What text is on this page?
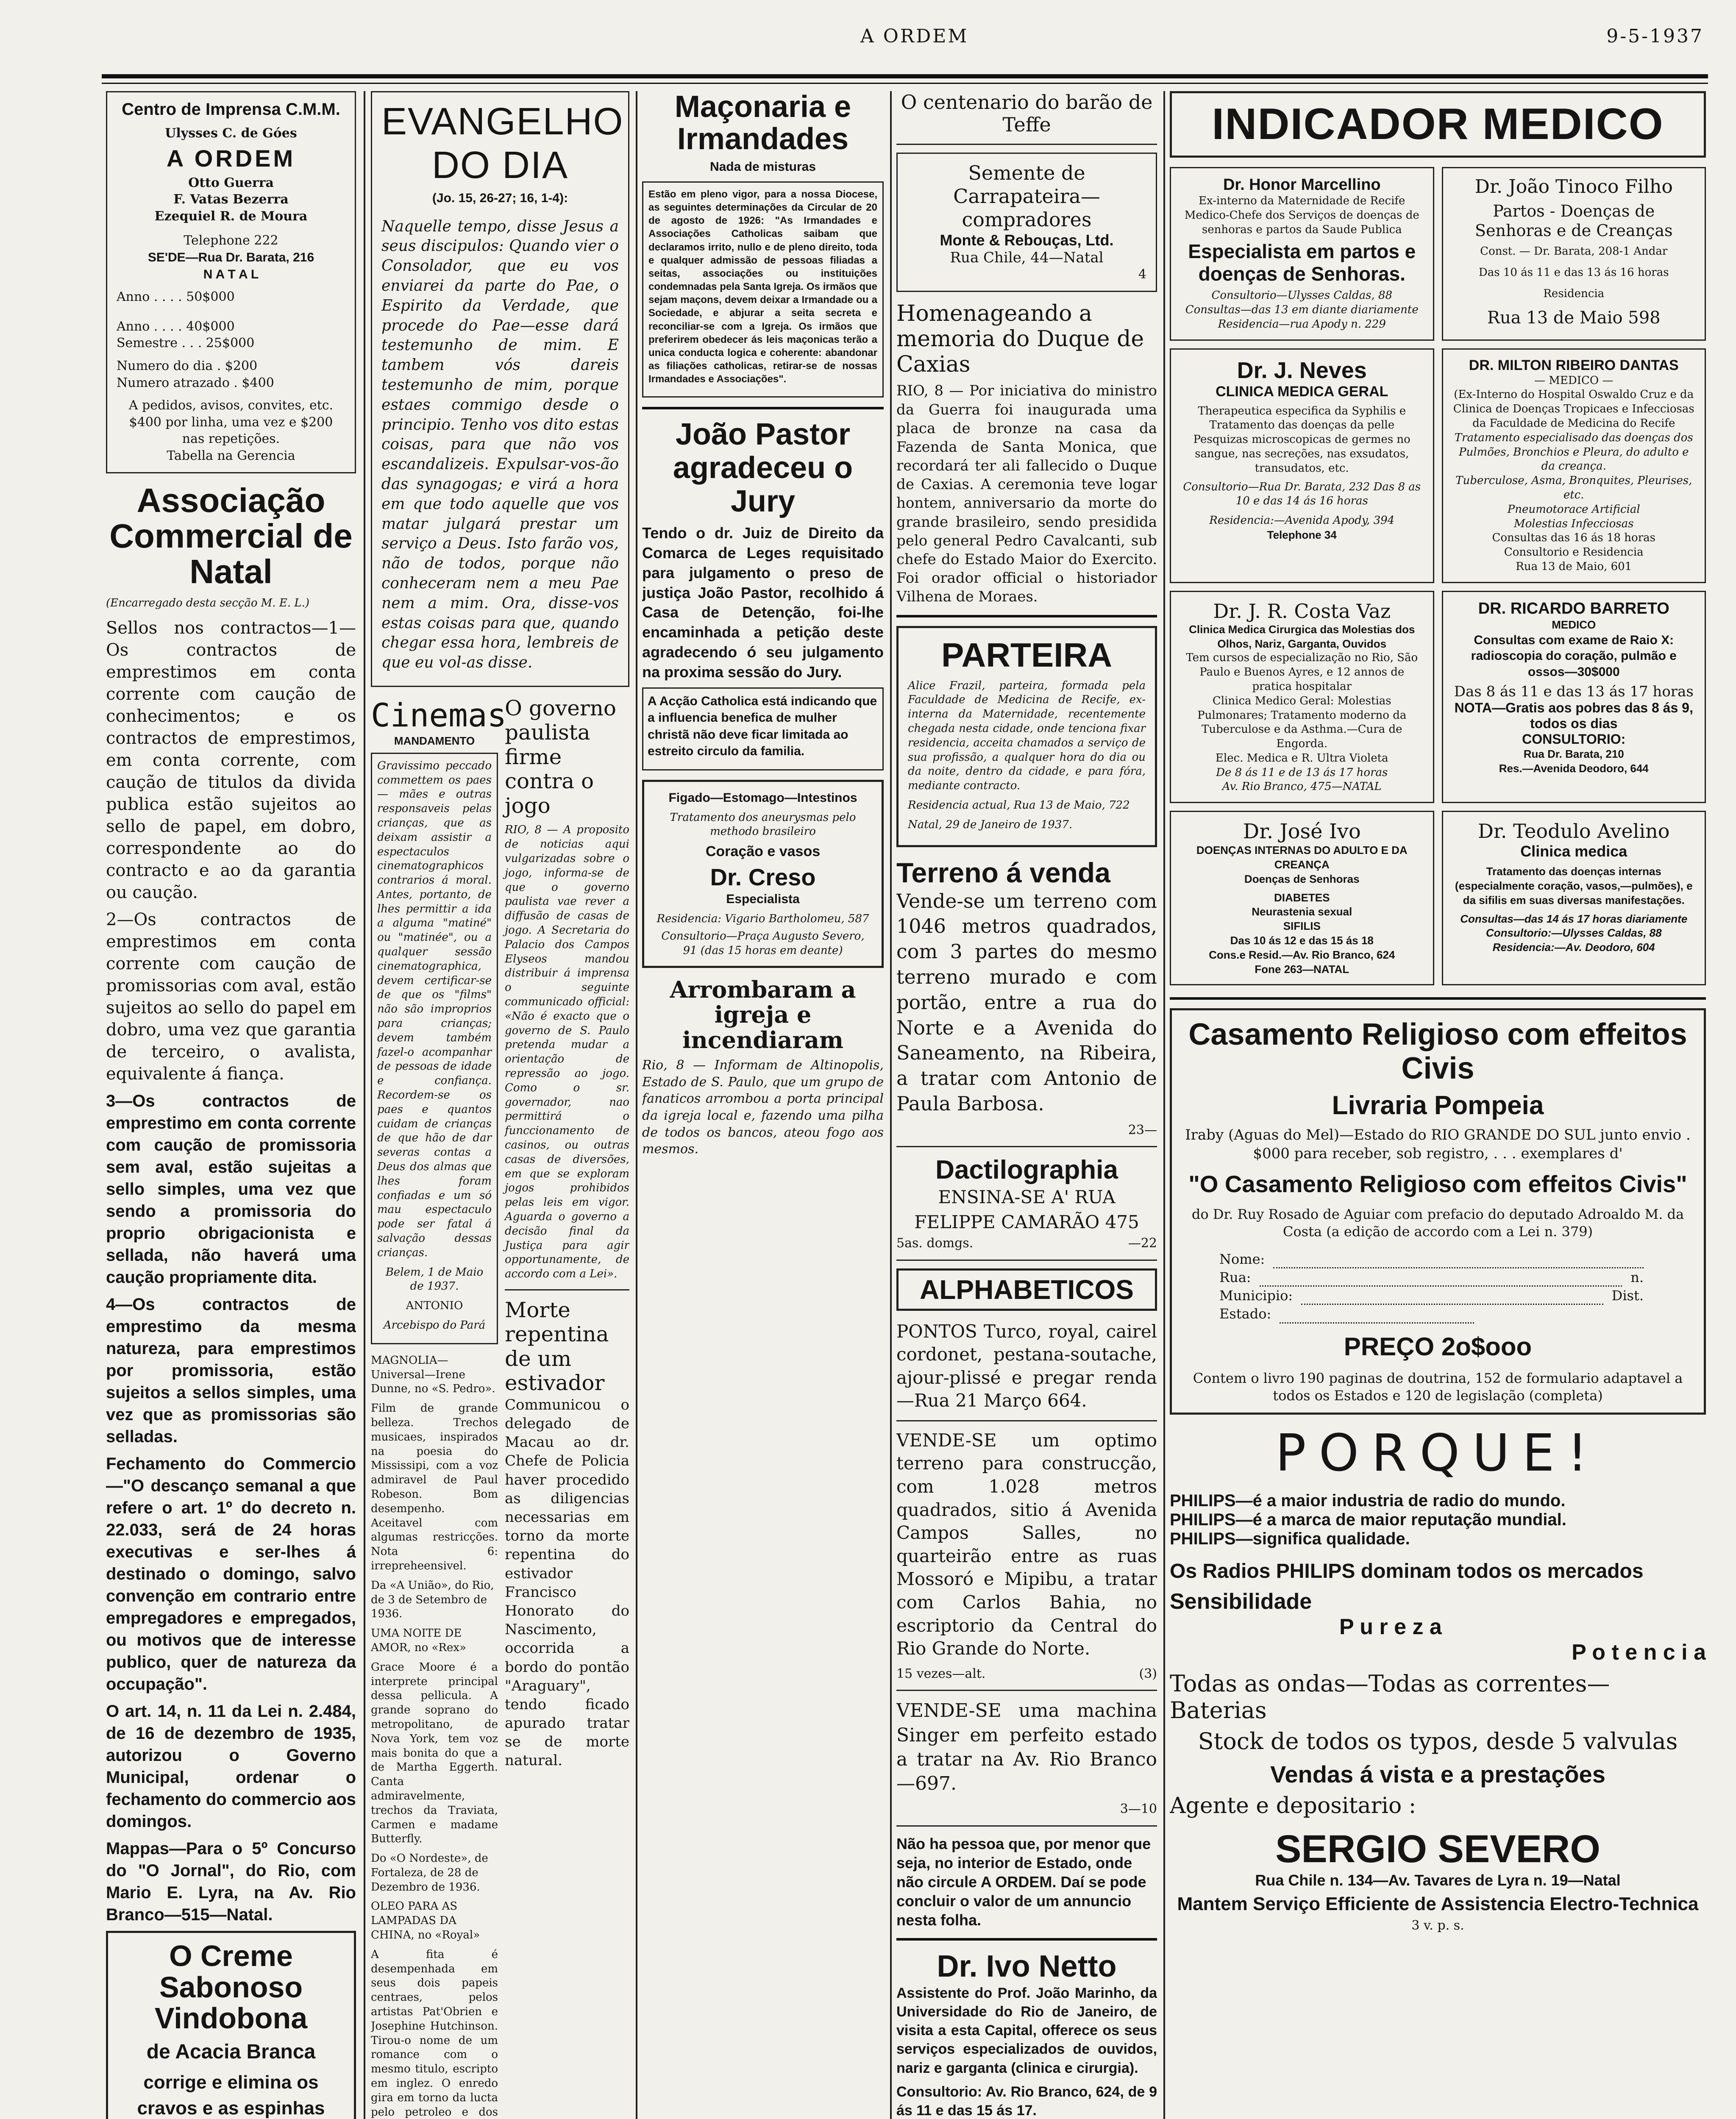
A ORDEM	9-5-1937
Centro de Imprensa C.M.M.
Ulysses C. de Góes
A ORDEM
Otto Guerra
F. Vatas Bezerra
Ezequiel R. de Moura
Telephone 222
SE'DE—Rua Dr. Barata, 216
N A T A L
Anno . . . . 50$000
Anno . . . . 40$000
Semestre . . . 25$000
Numero do dia . $200
Numero atrazado . $400
A pedidos, avisos, convites, etc. $400 por linha, uma vez e $200 nas repetições.
Tabella na Gerencia
Associação Commercial de Natal
(Encarregado desta secção M. E. L.)

Sellos nos contractos—1—Os contractos de emprestimos em conta corrente com caução de conhecimentos; e os contractos de emprestimos, em conta corrente, com caução de titulos da divida publica estão sujeitos ao sello de papel, em dobro, correspondente ao do contracto e ao da garantia ou caução.

2—Os contractos de emprestimos em conta corrente com caução de promissorias com aval, estão sujeitos ao sello do papel em dobro, uma vez que garantia de terceiro, o avalista, equivalente á fiança.

3—Os contractos de emprestimo em conta corrente com caução de promissoria sem aval, estão sujeitas a sello simples, uma vez que sendo a promissoria do proprio obrigacionista e sellada, não haverá uma caução propriamente dita.

4—Os contractos de emprestimo da mesma natureza, para emprestimos por promissoria, estão sujeitos a sellos simples, uma vez que as promissorias são selladas.

Fechamento do Commercio—"O descanço semanal a que refere o art. 1º do decreto n. 22.033, será de 24 horas executivas e ser-lhes á destinado o domingo, salvo convenção em contrario entre empregadores e empregados, ou motivos que de interesse publico, quer de natureza da occupação".

O art. 14, n. 11 da Lei n. 2.484, de 16 de dezembro de 1935, autorizou o Governo Municipal, ordenar o fechamento do commercio aos domingos.

Mappas—Para o 5º Concurso do "O Jornal", do Rio, com Mario E. Lyra, na Av. Rio Branco—515—Natal.

O Creme Sabonoso Vindobona
de Acacia Branca
corrige e elimina os cravos e as espinhas

EVANGELHO DO DIA
(Jo. 15, 26-27; 16, 1-4):

Naquelle tempo, disse Jesus a seus discipulos: Quando vier o Consolador, que eu vos enviarei da parte do Pae, o Espirito da Verdade, que procede do Pae—esse dará testemunho de mim. E tambem vós dareis testemunho de mim, porque estaes commigo desde o principio. Tenho vos dito estas coisas, para que não vos escandalizeis. Expulsar-vos-ão das synagogas; e virá a hora em que todo aquelle que vos matar julgará prestar um serviço a Deus. Isto farão vos, não de todos, porque não conheceram nem a meu Pae nem a mim. Ora, disse-vos estas coisas para que, quando chegar essa hora, lembreis de que eu vol-as disse.

Cinemas
MANDAMENTO

Gravissimo peccado commettem os paes — mães e outras responsaveis pelas crianças, que as deixam assistir a espectaculos cinematographicos contrarios á moral. Antes, portanto, de lhes permittir a ida a alguma "matiné" ou "matinée", ou a qualquer sessão cinematographica, devem certificar-se de que os "films" não são improprios para crianças; devem também fazel-o acompanhar de pessoas de idade e confiança. Recordem-se os paes e quantos cuidam de crianças de que hão de dar severas contas a Deus dos almas que lhes foram confiadas e um só mau espectaculo pode ser fatal á salvação dessas crianças.

Belem, 1 de Maio de 1937.

ANTONIO

Arcebispo do Pará

MAGNOLIA—Universal—Irene Dunne, no «S. Pedro».

Film de grande belleza. Trechos musicaes, inspirados na poesia do Mississipi, com a voz admiravel de Paul Robeson. Bom desempenho. Aceitavel com algumas restricções. Nota 6: irrepreheensivel.

Da «A União», do Rio, de 3 de Setembro de 1936.

UMA NOITE DE AMOR, no «Rex»

Grace Moore é a interprete principal dessa pellicula. A grande soprano do metropolitano, de Nova York, tem voz mais bonita do que a de Martha Eggerth. Canta admiravelmente, trechos da Traviata, Carmen e madame Butterfly.

Do «O Nordeste», de Fortaleza, de 28 de Dezembro de 1936.

OLEO PARA AS LAMPADAS DA CHINA, no «Royal»

A fita é desempenhada em seus dois papeis centraes, pelos artistas Pat'Obrien e Josephine Hutchinson. Tirou-o nome de um romance com o mesmo titulo, escripto em inglez. O enredo gira em torno da lucta pelo petroleo e dos

O governo paulista firme contra o jogo

RIO, 8 — A proposito de noticias aqui vulgarizadas sobre o jogo, informa-se de que o governo paulista vae rever a diffusão de casas de jogo. A Secretaria do Palacio dos Campos Elyseos mandou distribuir á imprensa o seguinte communicado official: «Não é exacto que o governo de S. Paulo pretenda mudar a orientação de repressão ao jogo. Como o sr. governador, nao permittirá o funccionamento de casinos, ou outras casas de diversões, em que se exploram jogos prohibidos pelas leis em vigor. Aguarda o governo a decisão final da Justiça para agir opportunamente, de accordo com a Lei».

Morte repentina de um estivador

Communicou o delegado de Macau ao dr. Chefe de Policia haver procedido as diligencias necessarias em torno da morte repentina do estivador Francisco Honorato do Nascimento, occorrida a bordo do pontão "Araguary", tendo ficado apurado tratar se de morte natural.

Maçonaria e Irmandades
Nada de misturas

Estão em pleno vigor, para a nossa Diocese, as seguintes determinações da Circular de 20 de agosto de 1926: "As Irmandades e Associações Catholicas saibam que declaramos irrito, nullo e de pleno direito, toda e qualquer admissão de pessoas filiadas a seitas, associações ou instituições condemnadas pela Santa Igreja. Os irmãos que sejam maçons, devem deixar a Irmandade ou a Sociedade, e abjurar a seita secreta e reconciliar-se com a Igreja. Os irmãos que preferirem obedecer ás leis maçonicas terão a unica conducta logica e coherente: abandonar as filiações catholicas, retirar-se de nossas Irmandades e Associações".

João Pastor agradeceu o Jury

Tendo o dr. Juiz de Direito da Comarca de Leges requisitado para julgamento o preso de justiça João Pastor, recolhido á Casa de Detenção, foi-lhe encaminhada a petição deste agradecendo ó seu julgamento na proxima sessão do Jury.

A Acção Catholica está indicando que a influencia benefica de mulher christã não deve ficar limitada ao estreito circulo da familia.

Figado—Estomago—Intestinos
Tratamento dos aneurysmas pelo methodo brasileiro
Coração e vasos
Dr. Creso
Especialista
Residencia: Vigario Bartholomeu, 587
Consultorio—Praça Augusto Severo, 91 (das 15 horas em deante)
Arrombaram a igreja e incendiaram

Rio, 8 — Informam de Altinopolis, Estado de S. Paulo, que um grupo de fanaticos arrombou a porta principal da igreja local e, fazendo uma pilha de todos os bancos, ateou fogo aos mesmos.

O centenario do barão de Teffe
Semente de Carrapateira—compradores
Monte & Rebouças, Ltd.
Rua Chile, 44—Natal
4
Homenageando a memoria do Duque de Caxias

RIO, 8 — Por iniciativa do ministro da Guerra foi inaugurada uma placa de bronze na casa da Fazenda de Santa Monica, que recordará ter ali fallecido o Duque de Caxias. A ceremonia teve logar hontem, anniversario da morte do grande brasileiro, sendo presidida pelo general Pedro Cavalcanti, sub chefe do Estado Maior do Exercito. Foi orador official o historiador Vilhena de Moraes.

PARTEIRA

Alice Frazil, parteira, formada pela Faculdade de Medicina de Recife, ex-interna da Maternidade, recentemente chegada nesta cidade, onde tenciona fixar residencia, acceita chamados a serviço de sua profissão, a qualquer hora do dia ou da noite, dentro da cidade, e para fóra, mediante contracto.

Residencia actual, Rua 13 de Maio, 722

Natal, 29 de Janeiro de 1937.

Terreno á venda

Vende-se um terreno com 1046 metros quadrados, com 3 partes do mesmo terreno murado e com portão, entre a rua do Norte e a Avenida do Saneamento, na Ribeira, a tratar com Antonio de Paula Barbosa.

23—
Dactilographia
ENSINA-SE A' RUA FELIPPE CAMARÃO 475
5as. domgs.	—22
ALPHABETICOS

PONTOS Turco, royal, cairel cordonet, pestana-soutache, ajour-plissé e pregar renda—Rua 21 Março 664.

VENDE-SE um optimo terreno para construcção, com 1.028 metros quadrados, sitio á Avenida Campos Salles, no quarteirão entre as ruas Mossoró e Mipibu, a tratar com Carlos Bahia, no escriptorio da Central do Rio Grande do Norte.

15 vezes—alt.	(3)

VENDE-SE uma machina Singer em perfeito estado a tratar na Av. Rio Branco—697.

3—10

Não ha pessoa que, por menor que seja, no interior de Estado, onde não circule A ORDEM. Daí se pode concluir o valor de um annuncio nesta folha.

Dr. Ivo Netto

Assistente do Prof. João Marinho, da Universidade do Rio de Janeiro, de visita a esta Capital, offerece os seus serviços especializados de ouvidos, nariz e garganta (clinica e cirurgia).

Consultorio: Av. Rio Branco, 624, de 9 ás 11 e das 15 ás 17.

INDICADOR MEDICO
Dr. Honor Marcellino
Ex-interno da Maternidade de Recife
Medico-Chefe dos Serviços de doenças de senhoras e partos da Saude Publica
Especialista em partos e doenças de Senhoras.
Consultorio—Ulysses Caldas, 88
Consultas—das 13 em diante diariamente
Residencia—rua Apody n. 229
Dr. João Tinoco Filho
Partos - Doenças de Senhoras e de Creanças
Const. — Dr. Barata, 208-1 Andar
Das 10 ás 11 e das 13 ás 16 horas
Residencia
Rua 13 de Maio 598
Dr. J. Neves
CLINICA MEDICA GERAL
Therapeutica especifica da Syphilis e Tratamento das doenças da pelle Pesquizas microscopicas de germes no sangue, nas secreções, nas exsudatos, transudatos, etc.
Consultorio—Rua Dr. Barata, 232 Das 8 as 10 e das 14 ás 16 horas
Residencia:—Avenida Apody, 394
Telephone 34
DR. MILTON RIBEIRO DANTAS
— MEDICO —
(Ex-Interno do Hospital Oswaldo Cruz e da Clinica de Doenças Tropicaes e Infecciosas da Faculdade de Medicina do Recife
Tratamento especialisado das doenças dos Pulmões, Bronchios e Pleura, do adulto e da creança.
Tuberculose, Asma, Bronquites, Pleurises, etc.
Pneumotorace Artificial
Molestias Infecciosas
Consultas das 16 ás 18 horas
Consultorio e Residencia
Rua 13 de Maio, 601
Dr. J. R. Costa Vaz
Clinica Medica Cirurgica das Molestias dos Olhos, Nariz, Garganta, Ouvidos
Tem cursos de especialização no Rio, São Paulo e Buenos Ayres, e 12 annos de pratica hospitalar
Clinica Medico Geral: Molestias Pulmonares; Tratamento moderno da Tuberculose e da Asthma.—Cura de Engorda.
Elec. Medica e R. Ultra Violeta
De 8 ás 11 e de 13 ás 17 horas
Av. Rio Branco, 475—NATAL
DR. RICARDO BARRETO
MEDICO
Consultas com exame de Raio X: radioscopia do coração, pulmão e ossos—30$000
Das 8 ás 11 e das 13 ás 17 horas
NOTA—Gratis aos pobres das 8 ás 9, todos os dias
CONSULTORIO:
Rua Dr. Barata, 210
Res.—Avenida Deodoro, 644
Dr. José Ivo
DOENÇAS INTERNAS DO ADULTO E DA CREANÇA
Doenças de Senhoras
DIABETES
Neurastenia sexual
SIFILIS
Das 10 ás 12 e das 15 ás 18
Cons.e Resid.—Av. Rio Branco, 624
Fone 263—NATAL
Dr. Teodulo Avelino
Clinica medica
Tratamento das doenças internas (especialmente coração, vasos,—pulmões), e da sifilis em suas diversas manifestações.
Consultas—das 14 ás 17 horas diariamente
Consultorio:—Ulysses Caldas, 88
Residencia:—Av. Deodoro, 604
Casamento Religioso com effeitos Civis
Livraria Pompeia
Iraby (Aguas do Mel)—Estado do RIO GRANDE DO SUL junto envio . $000 para receber, sob registro, . . . exemplares d'
"O Casamento Religioso com effeitos Civis"
do Dr. Ruy Rosado de Aguiar com prefacio do deputado Adroaldo M. da Costa (a edição de accordo com a Lei n. 379)
Nome:
Rua:	n.
Municipio:	Dist.
Estado:
PREÇO 2o$ooo
Contem o livro 190 paginas de doutrina, 152 de formulario adaptavel a todos os Estados e 120 de legislação (completa)
PORQUE!
PHILIPS—é a maior industria de radio do mundo.
PHILIPS—é a marca de maior reputação mundial.
PHILIPS—significa qualidade.
Os Radios PHILIPS dominam todos os mercados
Sensibilidade
P u r e z a
P o t e n c i a
Todas as ondas—Todas as correntes—Baterias
Stock de todos os typos, desde 5 valvulas
Vendas á vista e a prestações
Agente e depositario :
SERGIO SEVERO
Rua Chile n. 134—Av. Tavares de Lyra n. 19—Natal
Mantem Serviço Efficiente de Assistencia Electro-Technica
3 v. p. s.
